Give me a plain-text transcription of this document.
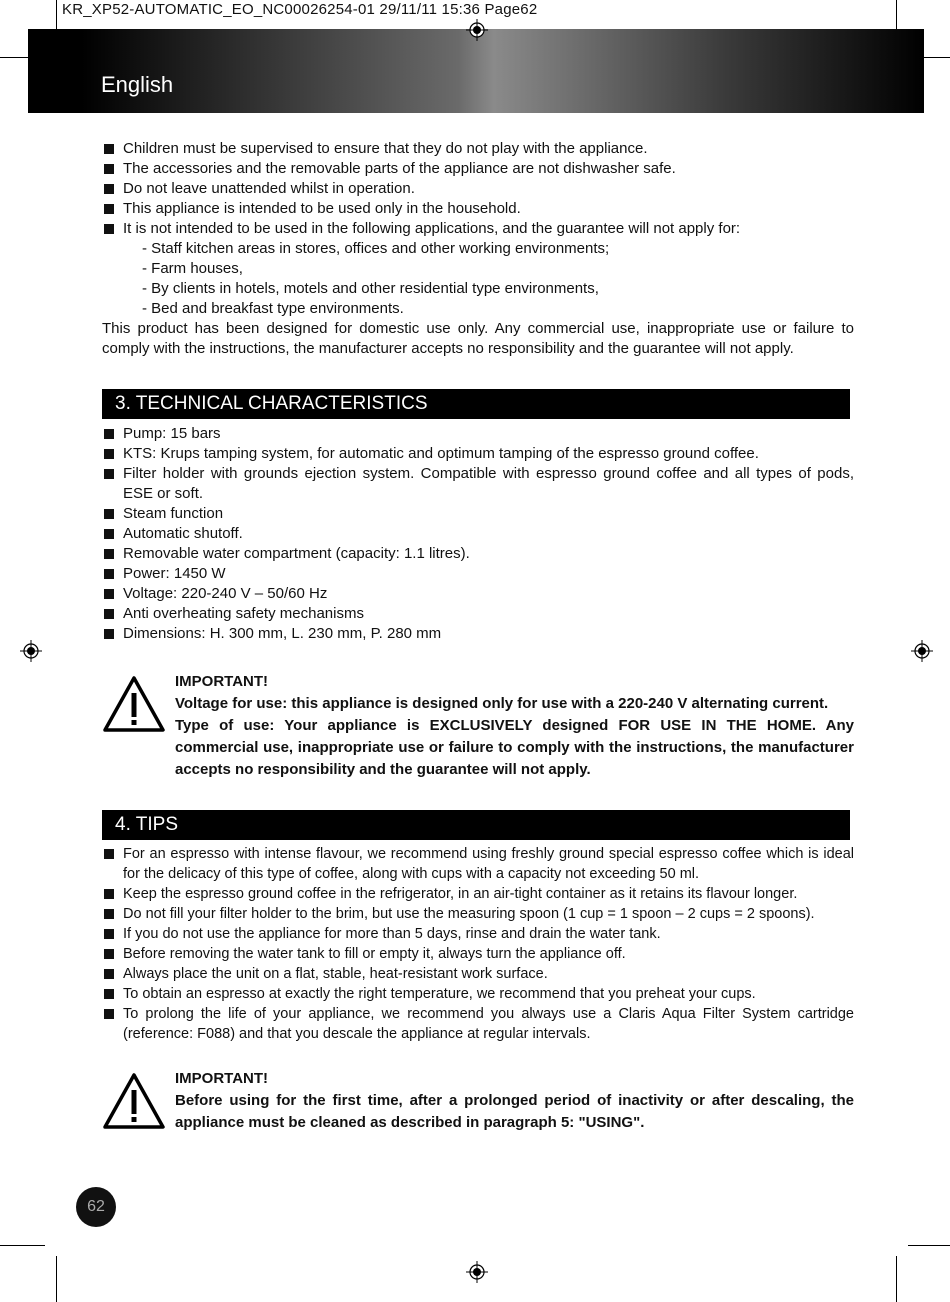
KR_XP52-AUTOMATIC_EO_NC00026254-01 29/11/11 15:36 Page62
English
Children must be supervised to ensure that they do not play with the appliance.
The accessories and the removable parts of the appliance are not dishwasher safe.
Do not leave unattended whilst in operation.
This appliance is intended to be used only in the household.
It is not intended to be used in the following applications, and the guarantee will not apply for:
- Staff kitchen areas in stores, offices and other working environments;
- Farm houses,
- By clients in hotels, motels and other residential type environments,
- Bed and breakfast type environments.

This product has been designed for domestic use only. Any commercial use, inappropriate use or failure to comply with the instructions, the manufacturer accepts no responsibility and the guarantee will not apply.

3. TECHNICAL CHARACTERISTICS
Pump: 15 bars
KTS: Krups tamping system, for automatic and optimum tamping of the espresso ground coffee.
Filter holder with grounds ejection system. Compatible with espresso ground coffee and all types of pods, ESE or soft.
Steam function
Automatic shutoff.
Removable water compartment (capacity: 1.1 litres).
Power: 1450 W
Voltage: 220-240 V – 50/60 Hz
Anti overheating safety mechanisms
Dimensions: H. 300 mm, L. 230 mm, P. 280 mm

IMPORTANT!

Voltage for use: this appliance is designed only for use with a 220-240 V alternating current.

Type of use: Your appliance is EXCLUSIVELY designed FOR USE IN THE HOME. Any commercial use, inappropriate use or failure to comply with the instructions, the manufacturer accepts no responsibility and the guarantee will not apply.

4. TIPS
For an espresso with intense flavour, we recommend using freshly ground special espresso coffee which is ideal for the delicacy of this type of coffee, along with cups with a capacity not exceeding 50 ml.
Keep the espresso ground coffee in the refrigerator, in an air-tight container as it retains its flavour longer.
Do not fill your filter holder to the brim, but use the measuring spoon (1 cup = 1 spoon – 2 cups = 2 spoons).
If you do not use the appliance for more than 5 days, rinse and drain the water tank.
Before removing the water tank to fill or empty it, always turn the appliance off.
Always place the unit on a flat, stable, heat-resistant work surface.
To obtain an espresso at exactly the right temperature, we recommend that you preheat your cups.
To prolong the life of your appliance, we recommend you always use a Claris Aqua Filter System cartridge (reference: F088) and that you descale the appliance at regular intervals.

IMPORTANT!

Before using for the first time, after a prolonged period of inactivity or after descaling, the appliance must be cleaned as described in paragraph 5: "USING".

62
